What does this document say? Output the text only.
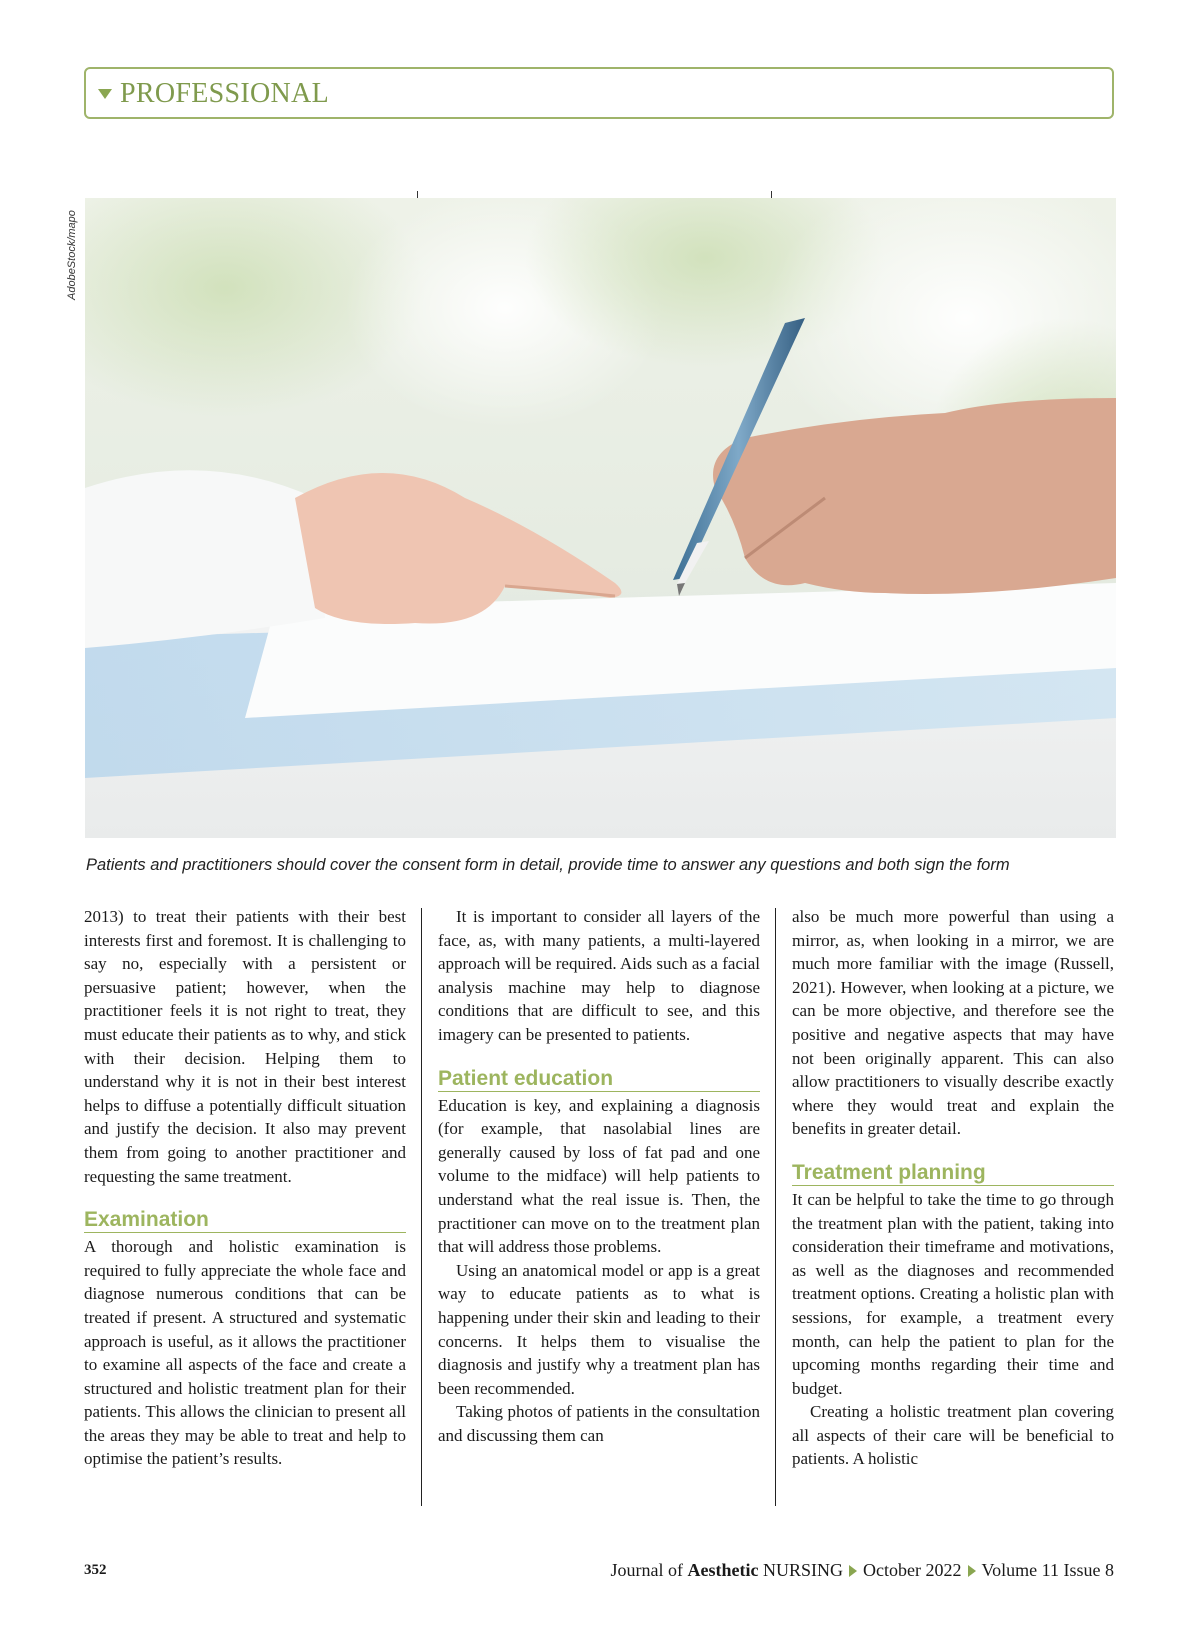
PROFESSIONAL
AdobeStock/mapo
Patients and practitioners should cover the consent form in detail, provide time to answer any questions and both sign the form

2013) to treat their patients with their best interests first and foremost. It is challenging to say no, especially with a persistent or persuasive patient; however, when the practitioner feels it is not right to treat, they must educate their patients as to why, and stick with their decision. Helping them to understand why it is not in their best interest helps to diffuse a potentially difficult situation and justify the decision. It also may prevent them from going to another practitioner and requesting the same treatment.

Examination

A thorough and holistic examination is required to fully appreciate the whole face and diagnose numerous conditions that can be treated if present. A structured and systematic approach is useful, as it allows the practitioner to examine all aspects of the face and create a structured and holistic treatment plan for their patients. This allows the clinician to present all the areas they may be able to treat and help to optimise the patient’s results.

It is important to consider all layers of the face, as, with many patients, a multi-layered approach will be required. Aids such as a facial analysis machine may help to diagnose conditions that are difficult to see, and this imagery can be presented to patients.

Patient education

Education is key, and explaining a diagnosis (for example, that nasolabial lines are generally caused by loss of fat pad and one volume to the midface) will help patients to understand what the real issue is. Then, the practitioner can move on to the treatment plan that will address those problems.

Using an anatomical model or app is a great way to educate patients as to what is happening under their skin and leading to their concerns. It helps them to visualise the diagnosis and justify why a treatment plan has been recommended.

Taking photos of patients in the consultation and discussing them can

also be much more powerful than using a mirror, as, when looking in a mirror, we are much more familiar with the image (Russell, 2021). However, when looking at a picture, we can be more objective, and therefore see the positive and negative aspects that may have not been originally apparent. This can also allow practitioners to visually describe exactly where they would treat and explain the benefits in greater detail.

Treatment planning

It can be helpful to take the time to go through the treatment plan with the patient, taking into consideration their timeframe and motivations, as well as the diagnoses and recommended treatment options. Creating a holistic plan with sessions, for example, a treatment every month, can help the patient to plan for the upcoming months regarding their time and budget.

Creating a holistic treatment plan covering all aspects of their care will be beneficial to patients. A holistic

352	Journal of Aesthetic NURSING October 2022 Volume 11 Issue 8
